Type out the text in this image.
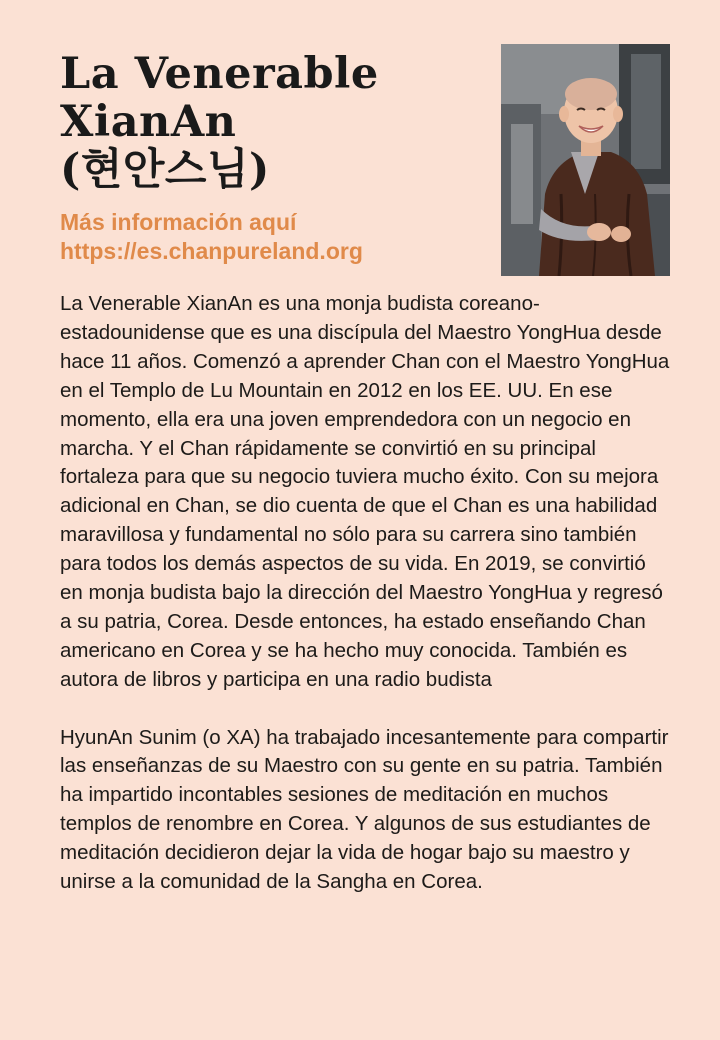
La Venerable
XianAn
(현안스님)
Más información aquí
https://es.chanpureland.org

La Venerable XianAn es una monja budista coreano-estadounidense que es una discípula del Maestro YongHua desde hace 11 años. Comenzó a aprender Chan con el Maestro YongHua en el Templo de Lu Mountain en 2012 en los EE. UU. En ese momento, ella era una joven emprendedora con un negocio en marcha. Y el Chan rápidamente se convirtió en su principal fortaleza para que su negocio tuviera mucho éxito. Con su mejora adicional en Chan, se dio cuenta de que el Chan es una habilidad maravillosa y fundamental no sólo para su carrera sino también para todos los demás aspectos de su vida. En 2019, se convirtió en monja budista bajo la dirección del Maestro YongHua y regresó a su patria, Corea. Desde entonces, ha estado enseñando Chan americano en Corea y se ha hecho muy conocida. También es autora de libros y participa en una radio budista

HyunAn Sunim (o XA) ha trabajado incesantemente para compartir las enseñanzas de su Maestro con su gente en su patria. También ha impartido incontables sesiones de meditación en muchos templos de renombre en Corea. Y algunos de sus estudiantes de meditación decidieron dejar la vida de hogar bajo su maestro y unirse a la comunidad de la Sangha en Corea.
